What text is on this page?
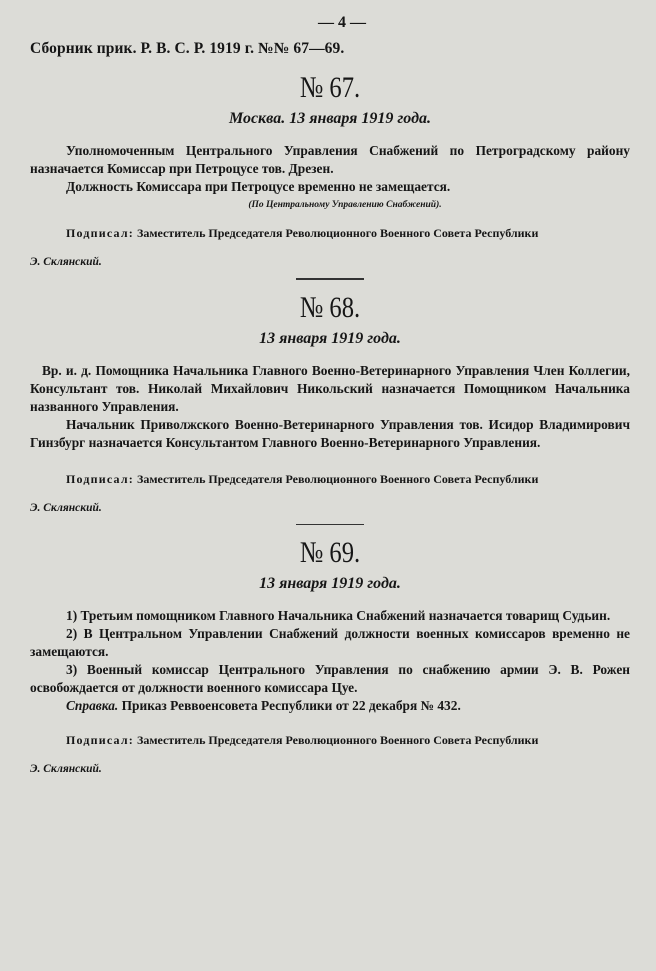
— 4 —
Сборник прик. Р. В. С. Р. 1919 г. №№ 67—69.
№ 67.
Москва. 13 января 1919 года.

Уполномоченным Центрального Управления Снабжений по Петроградскому району назначается Комиссар при Петроцусе тов. Дрезен.

Должность Комиссара при Петроцусе временно не замещается.

(По Центральному Управлению Снабжений).

Подписал: Заместитель Председателя Революционного Военного Совета Республики

Э. Склянский.

№ 68.
13 января 1919 года.

Вр. и. д. Помощника Начальника Главного Военно-Ветеринарного Управления Член Коллегии, Консультант тов. Николай Михайлович Никольский назначается Помощником Начальника названного Управления.

Начальник Приволжского Военно-Ветеринарного Управления тов. Исидор Владимирович Гинзбург назначается Консультантом Главного Военно-Ветеринарного Управления.

Подписал: Заместитель Председателя Революционного Военного Совета Республики

Э. Склянский.

№ 69.
13 января 1919 года.

1) Третьим помощником Главного Начальника Снабжений назначается товарищ Судьин.

2) В Центральном Управлении Снабжений должности военных комиссаров временно не замещаются.

3) Военный комиссар Центрального Управления по снабжению армии Э. В. Рожен освобождается от должности военного комиссара Цуе.

Справка. Приказ Реввоенсовета Республики от 22 декабря № 432.

Подписал: Заместитель Председателя Революционного Военного Совета Республики

Э. Склянский.
